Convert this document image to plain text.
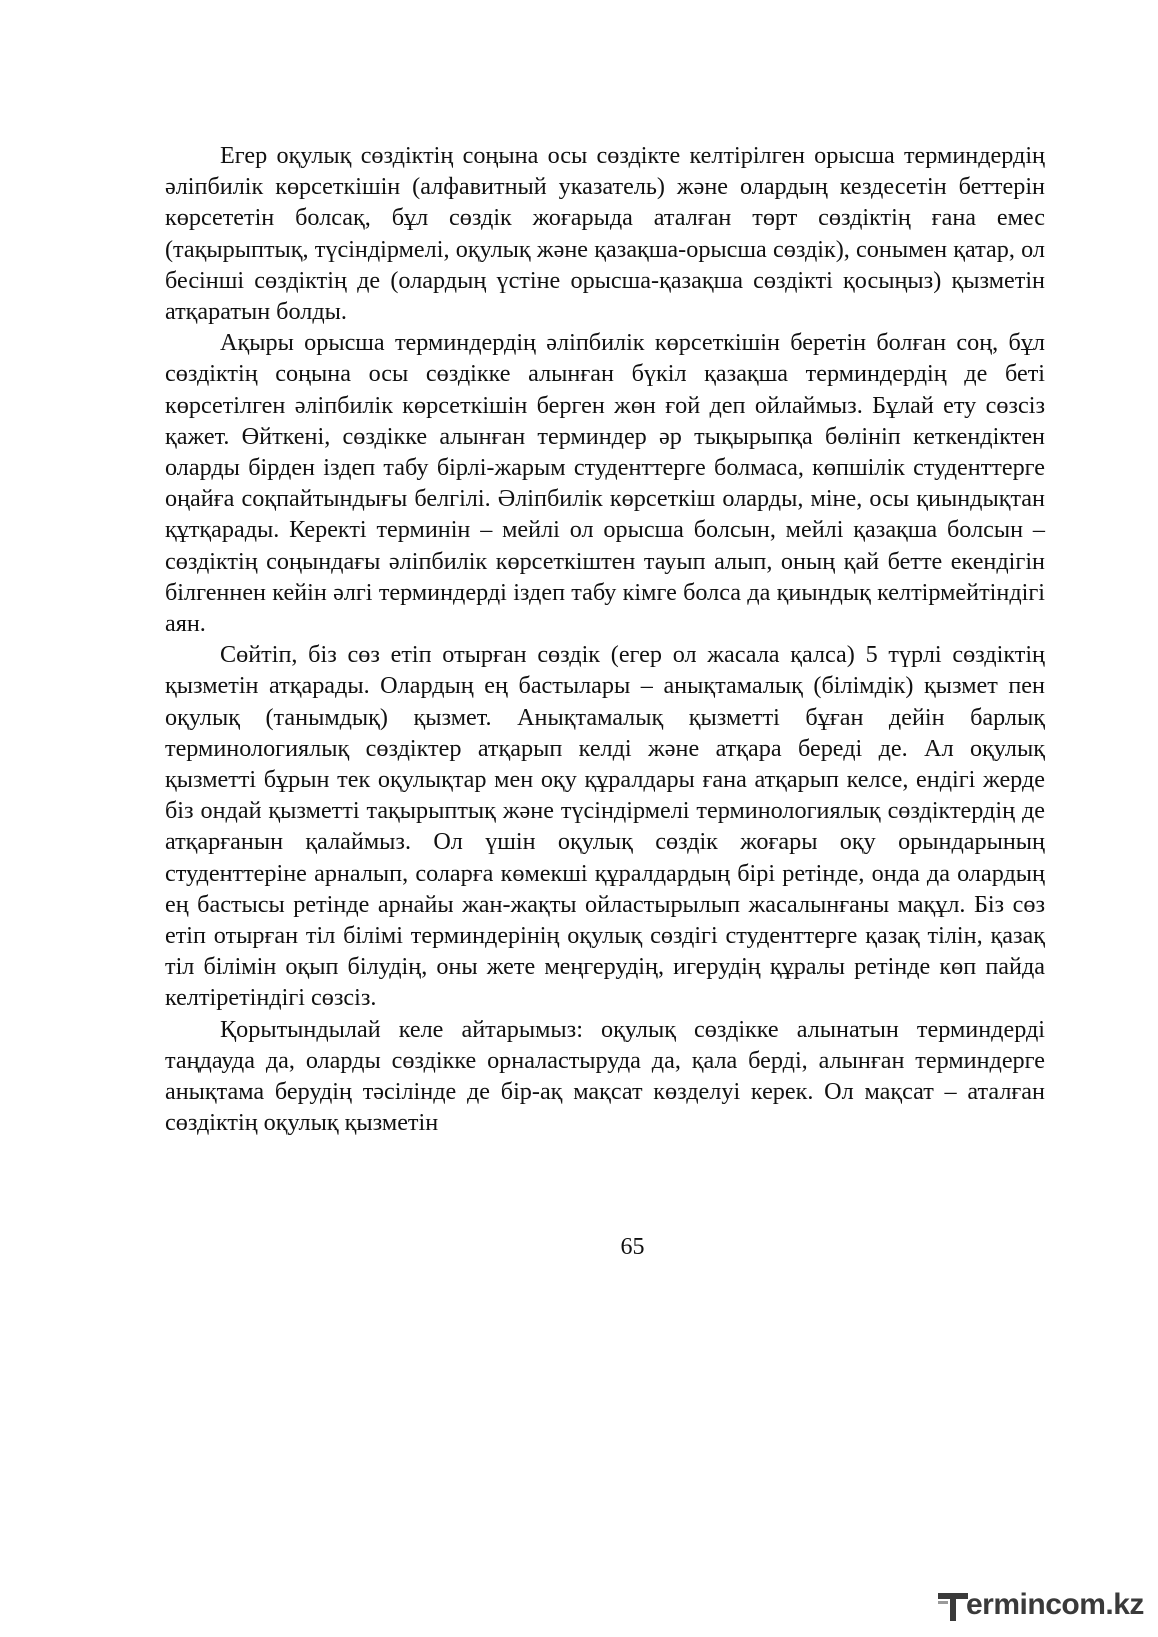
Егер оқулық сөздіктің соңына осы сөздікте келтірілген орысша терминдердің әліпбилік көрсеткішін (алфавитный указатель) және олардың кездесетін беттерін көрсететін болсақ, бұл сөздік жоғарыда аталған төрт сөздіктің ғана емес (тақырыптық, түсіндірмелі, оқулық және қазақша-орысша сөздік), сонымен қатар, ол бесінші сөздіктің де (олардың үстіне орысша-қазақша сөздікті қосыңыз) қызметін атқаратын болды.

Ақыры орысша терминдердің әліпбилік көрсеткішін беретін болған соң, бұл сөздіктің соңына осы сөздікке алынған бүкіл қазақша терминдердің де беті көрсетілген әліпбилік көрсеткішін берген жөн ғой деп ойлаймыз. Бұлай ету сөзсіз қажет. Өйткені, сөздікке алынған терминдер әр тықырыпқа бөлініп кеткендіктен оларды бірден іздеп табу бірлі-жарым студенттерге болмаса, көпшілік студенттерге оңайға соқпайтындығы белгілі. Әліпбилік көрсеткіш оларды, міне, осы қиындықтан құтқарады. Керекті терминін – мейлі ол орысша болсын, мейлі қазақша болсын – сөздіктің соңындағы әліпбилік көрсеткіштен тауып алып, оның қай бетте екендігін білгеннен кейін әлгі терминдерді іздеп табу кімге болса да қиындық келтірмейтіндігі аян.

Сөйтіп, біз сөз етіп отырған сөздік (егер ол жасала қалса) 5 түрлі сөздіктің қызметін атқарады. Олардың ең бастылары – анықтамалық (білімдік) қызмет пен оқулық (танымдық) қызмет. Анықтамалық қызметті бұған дейін барлық терминологиялық сөздіктер атқарып келді және атқара береді де. Ал оқулық қызметті бұрын тек оқулықтар мен оқу құралдары ғана атқарып келсе, ендігі жерде біз ондай қызметті тақырыптық және түсіндірмелі терминологиялық сөздіктердің де атқарғанын қалаймыз. Ол үшін оқулық сөздік жоғары оқу орындарының студенттеріне арналып, соларға көмекші құралдардың бірі ретінде, онда да олардың ең бастысы ретінде арнайы жан-жақты ойластырылып жасалынғаны мақұл. Біз сөз етіп отырған тіл білімі терминдерінің оқулық сөздігі студенттерге қазақ тілін, қазақ тіл білімін оқып білудің, оны жете меңгерудің, игерудің құралы ретінде көп пайда келтіретіндігі сөзсіз.

Қорытындылай келе айтарымыз: оқулық сөздікке алынатын терминдерді таңдауда да, оларды сөздікке орналастыруда да, қала берді, алынған терминдерге анықтама берудің тәсілінде де бір-ақ мақсат көзделуі керек. Ол мақсат – аталған сөздіктің оқулық қызметін

65
ermincom.kz
